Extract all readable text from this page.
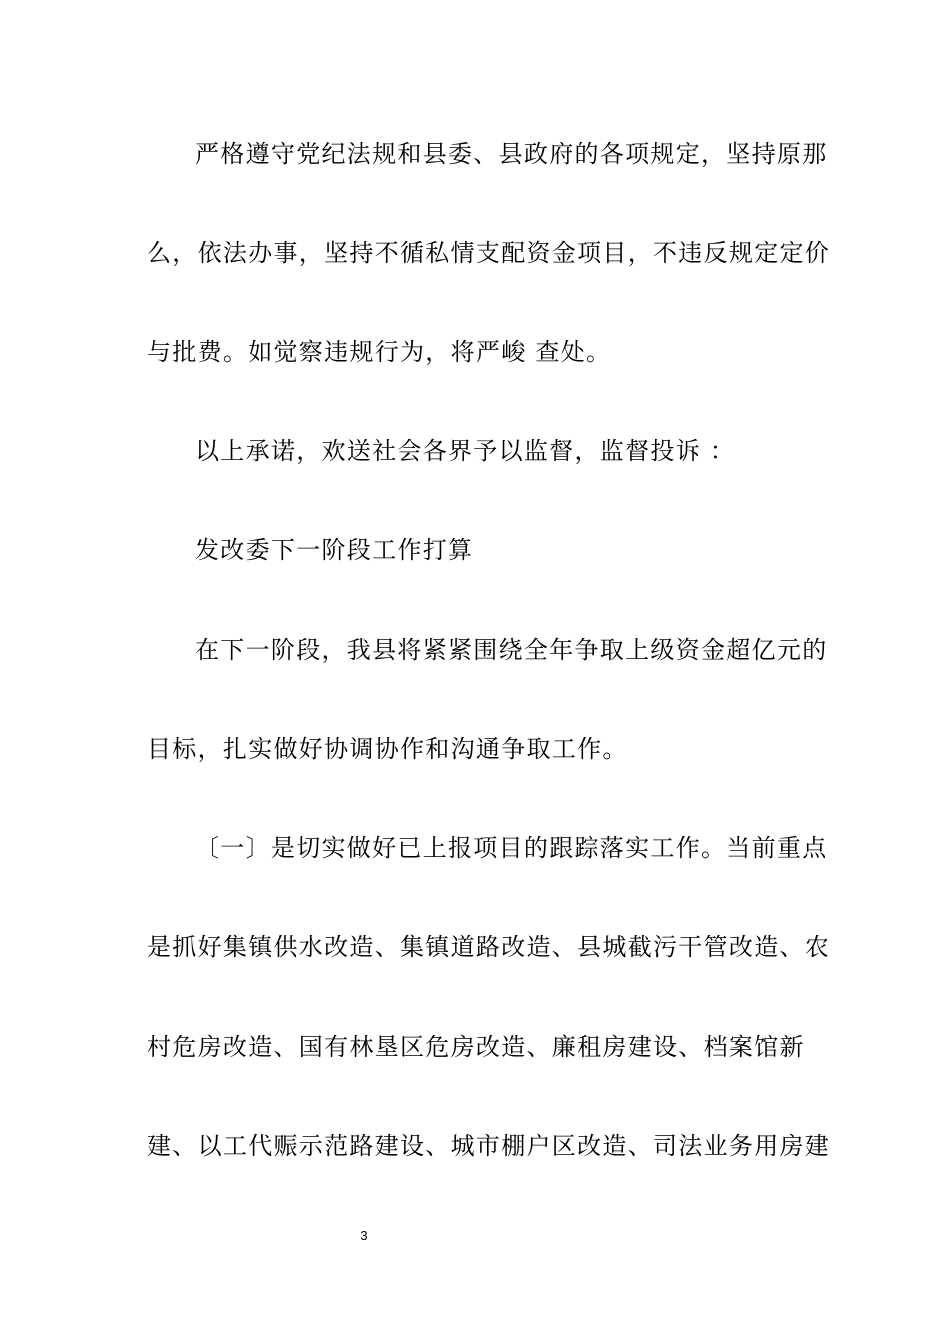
严格遵守党纪法规和县委、县政府的各项规定，坚持原那
么，依法办事，坚持不循私情支配资金项目，不违反规定定价
与批费。如觉察违规行为，将严峻 查处。
以上承诺，欢送社会各界予以监督，监督投诉 ：
发改委下一阶段工作打算
在下一阶段，我县将紧紧围绕全年争取上级资金超亿元的
目标，扎实做好协调协作和沟通争取工作。
〔一〕是切实做好已上报项目的跟踪落实工作。当前重点
是抓好集镇供水改造、集镇道路改造、县城截污干管改造、农
村危房改造、国有林垦区危房改造、廉租房建设、档案馆新
建、以工代赈示范路建设、城市棚户区改造、司法业务用房建
3
